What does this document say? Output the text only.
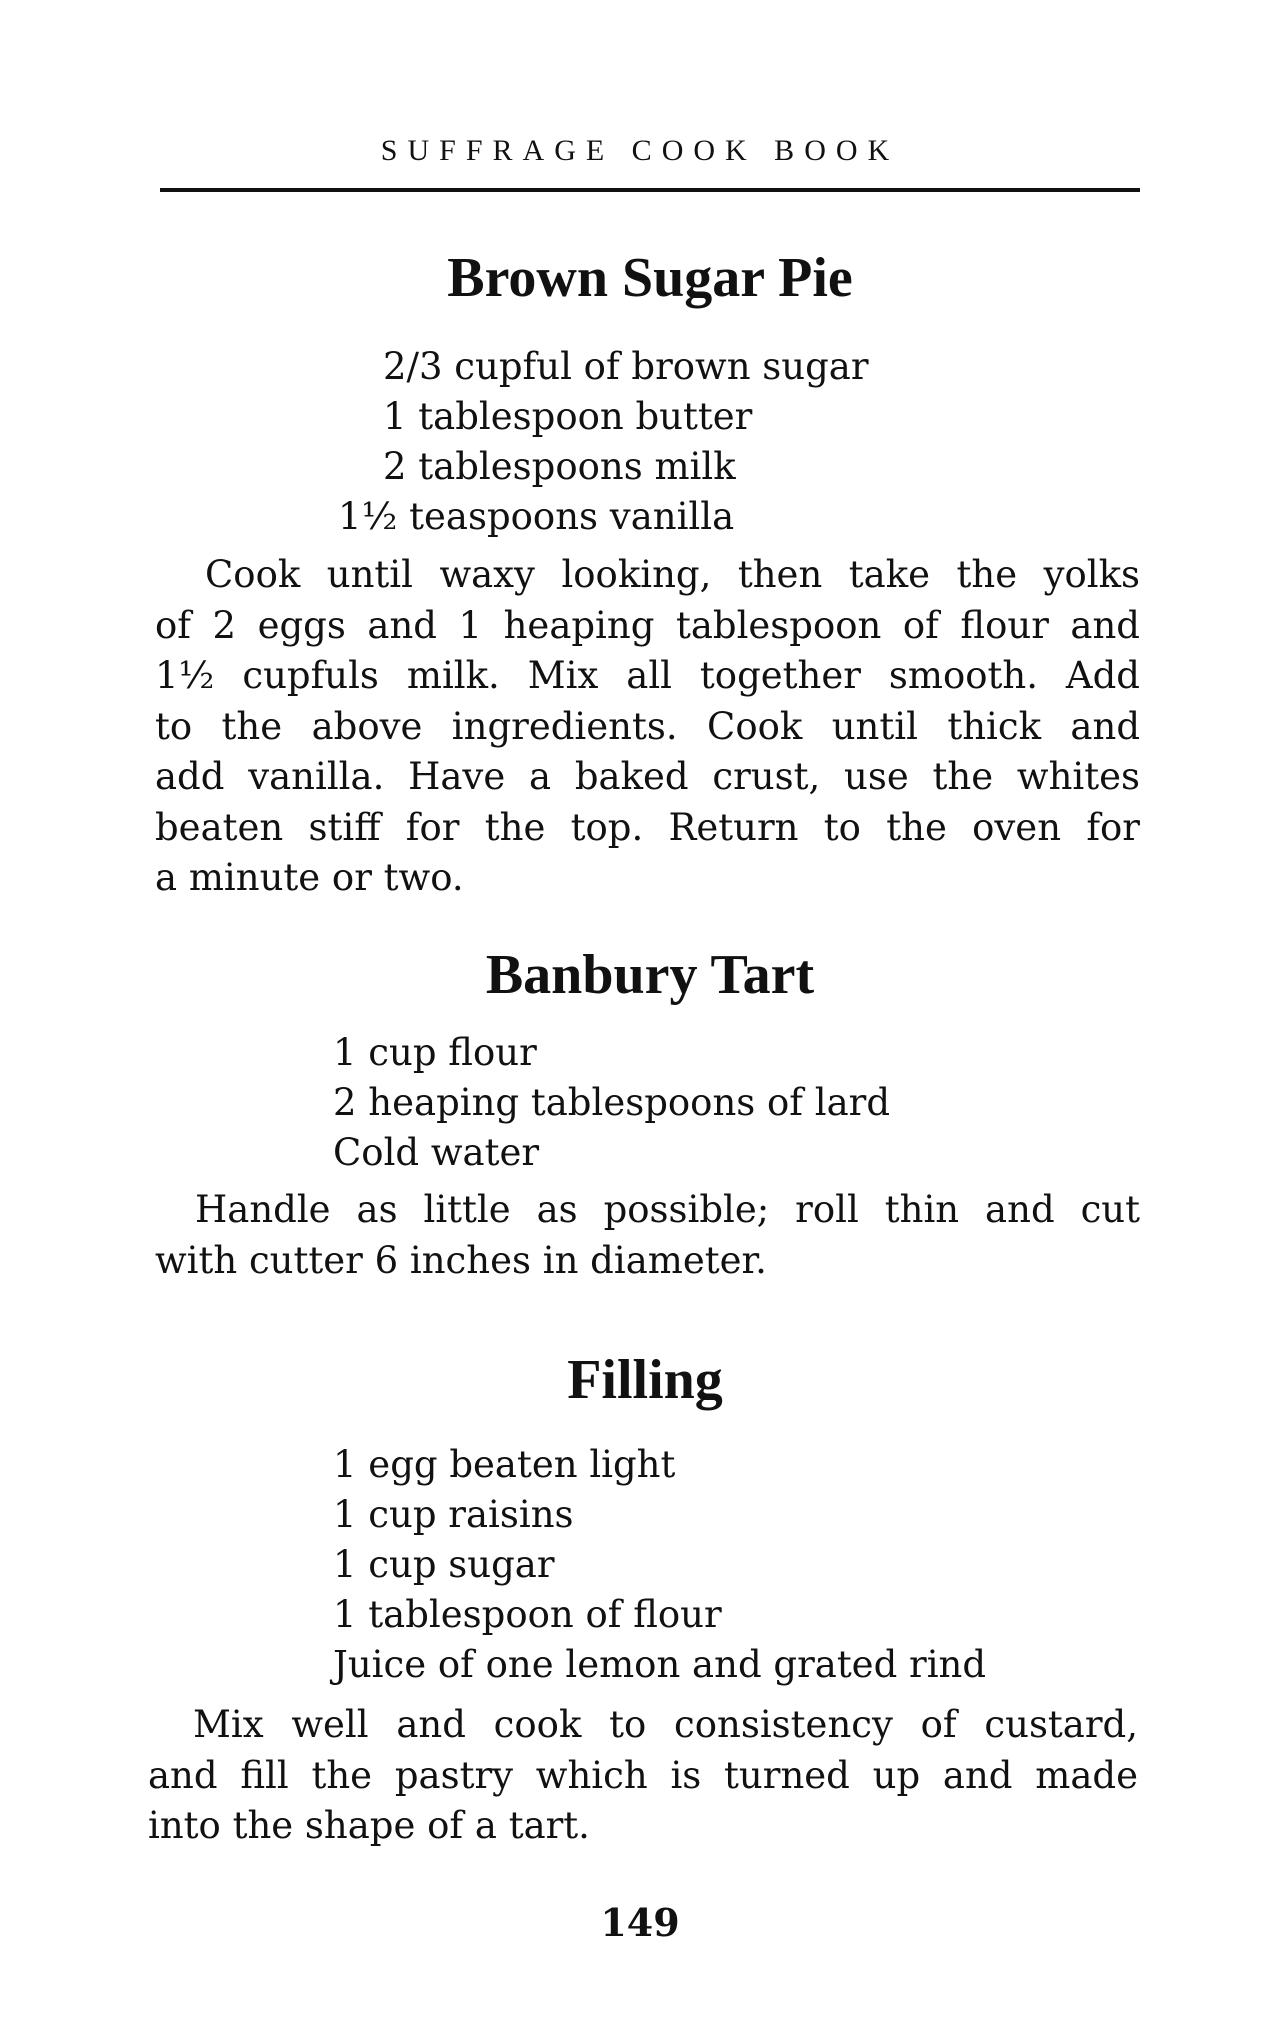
SUFFRAGE COOK BOOK
Brown Sugar Pie
2/3 cupful of brown sugar
1 tablespoon butter
2 tablespoons milk
1½ teaspoons vanilla

Cook until waxy looking, then take the yolks
of 2 eggs and 1 heaping tablespoon of flour and
1½ cupfuls milk. Mix all together smooth. Add
to the above ingredients. Cook until thick and
add vanilla. Have a baked crust, use the whites
beaten stiff for the top. Return to the oven for
a minute or two.

Banbury Tart
1 cup flour
2 heaping tablespoons of lard
Cold water

Handle as little as possible; roll thin and cut
with cutter 6 inches in diameter.

Filling
1 egg beaten light
1 cup raisins
1 cup sugar
1 tablespoon of flour
Juice of one lemon and grated rind

Mix well and cook to consistency of custard,
and fill the pastry which is turned up and made
into the shape of a tart.

149
